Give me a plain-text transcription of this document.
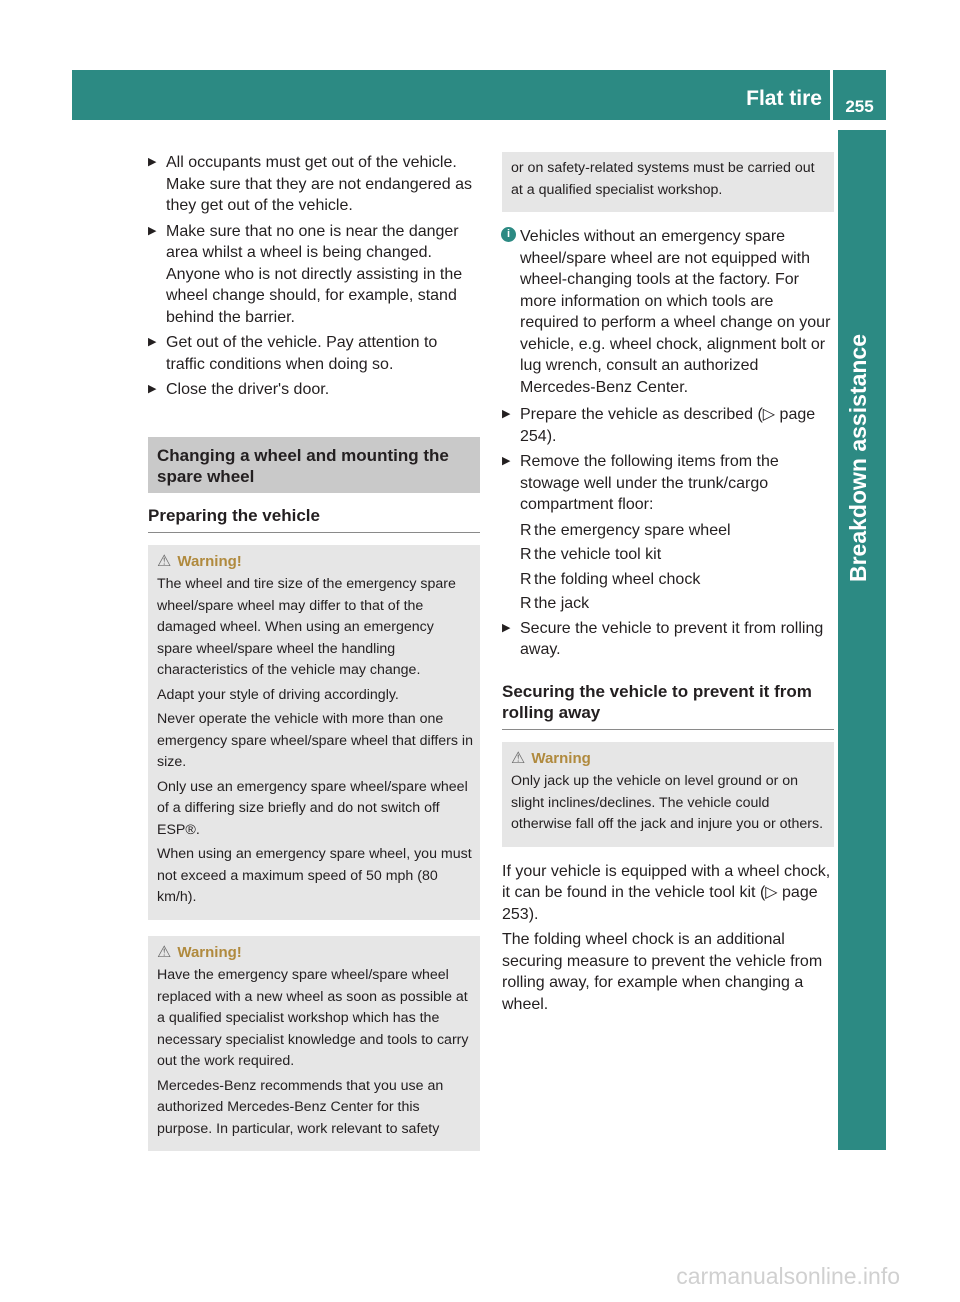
Flat tire	255
Breakdown assistance
▶ All occupants must get out of the vehicle. Make sure that they are not endangered as they get out of the vehicle.
▶ Make sure that no one is near the danger area whilst a wheel is being changed. Anyone who is not directly assisting in the wheel change should, for example, stand behind the barrier.
▶ Get out of the vehicle. Pay attention to traffic conditions when doing so.
▶ Close the driver's door.
Changing a wheel and mounting the spare wheel
Preparing the vehicle
⚠ Warning!

The wheel and tire size of the emergency spare wheel/spare wheel may differ to that of the damaged wheel. When using an emergency spare wheel/spare wheel the handling characteristics of the vehicle may change.

Adapt your style of driving accordingly.

Never operate the vehicle with more than one emergency spare wheel/spare wheel that differs in size.

Only use an emergency spare wheel/spare wheel of a differing size briefly and do not switch off ESP®.

When using an emergency spare wheel, you must not exceed a maximum speed of 50 mph (80 km/h).

⚠ Warning!

Have the emergency spare wheel/spare wheel replaced with a new wheel as soon as possible at a qualified specialist workshop which has the necessary specialist knowledge and tools to carry out the work required.

Mercedes-Benz recommends that you use an authorized Mercedes-Benz Center for this purpose. In particular, work relevant to safety

or on safety-related systems must be carried out at a qualified specialist workshop.

i Vehicles without an emergency spare wheel/spare wheel are not equipped with wheel-changing tools at the factory. For more information on which tools are required to perform a wheel change on your vehicle, e.g. wheel chock, alignment bolt or lug wrench, consult an authorized Mercedes-Benz Center.
▶ Prepare the vehicle as described (▷ page 254).
▶ Remove the following items from the stowage well under the trunk/cargo compartment floor:
R the emergency spare wheel
R the vehicle tool kit
R the folding wheel chock
R the jack
▶ Secure the vehicle to prevent it from rolling away.
Securing the vehicle to prevent it from rolling away
⚠ Warning

Only jack up the vehicle on level ground or on slight inclines/declines. The vehicle could otherwise fall off the jack and injure you or others.

If your vehicle is equipped with a wheel chock, it can be found in the vehicle tool kit (▷ page 253).

The folding wheel chock is an additional securing measure to prevent the vehicle from rolling away, for example when changing a wheel.

carmanualsonline.info
